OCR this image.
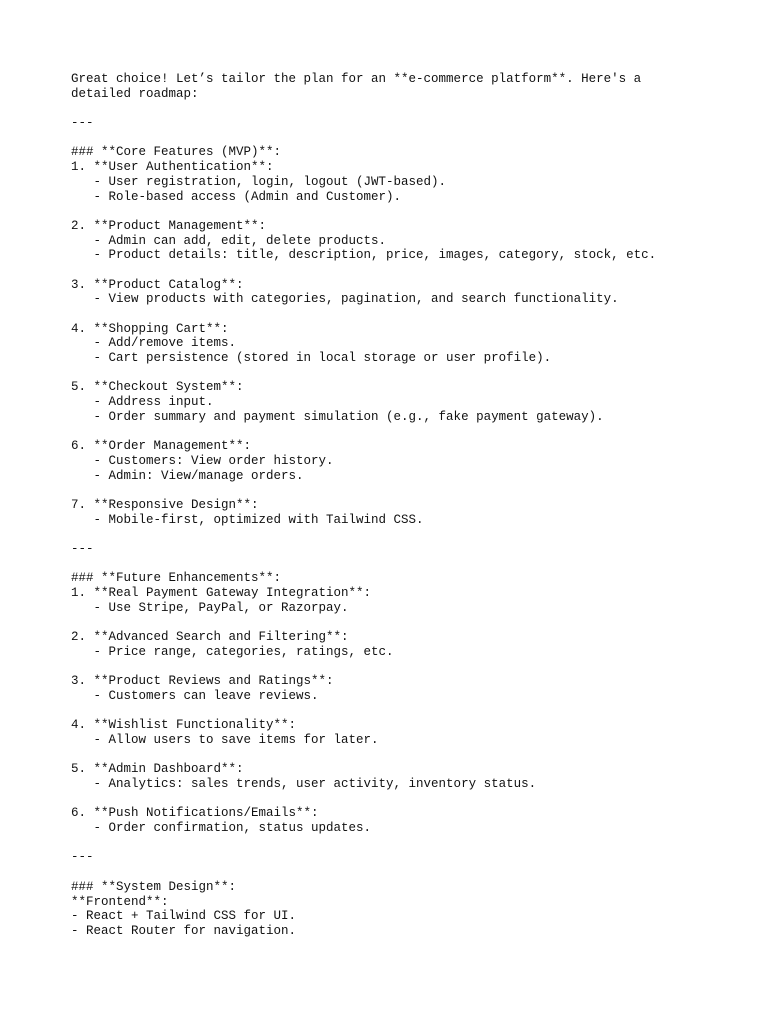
Great choice! Let’s tailor the plan for an **e-commerce platform**. Here's a
detailed roadmap:
---
### **Core Features (MVP)**:
1. **User Authentication**:
- User registration, login, logout (JWT-based).
- Role-based access (Admin and Customer).
2. **Product Management**:
- Admin can add, edit, delete products.
- Product details: title, description, price, images, category, stock, etc.
3. **Product Catalog**:
- View products with categories, pagination, and search functionality.
4. **Shopping Cart**:
- Add/remove items.
- Cart persistence (stored in local storage or user profile).
5. **Checkout System**:
- Address input.
- Order summary and payment simulation (e.g., fake payment gateway).
6. **Order Management**:
- Customers: View order history.
- Admin: View/manage orders.
7. **Responsive Design**:
- Mobile-first, optimized with Tailwind CSS.
---
### **Future Enhancements**:
1. **Real Payment Gateway Integration**:
- Use Stripe, PayPal, or Razorpay.
2. **Advanced Search and Filtering**:
- Price range, categories, ratings, etc.
3. **Product Reviews and Ratings**:
- Customers can leave reviews.
4. **Wishlist Functionality**:
- Allow users to save items for later.
5. **Admin Dashboard**:
- Analytics: sales trends, user activity, inventory status.
6. **Push Notifications/Emails**:
- Order confirmation, status updates.
---
### **System Design**:
**Frontend**:
- React + Tailwind CSS for UI.
- React Router for navigation.
